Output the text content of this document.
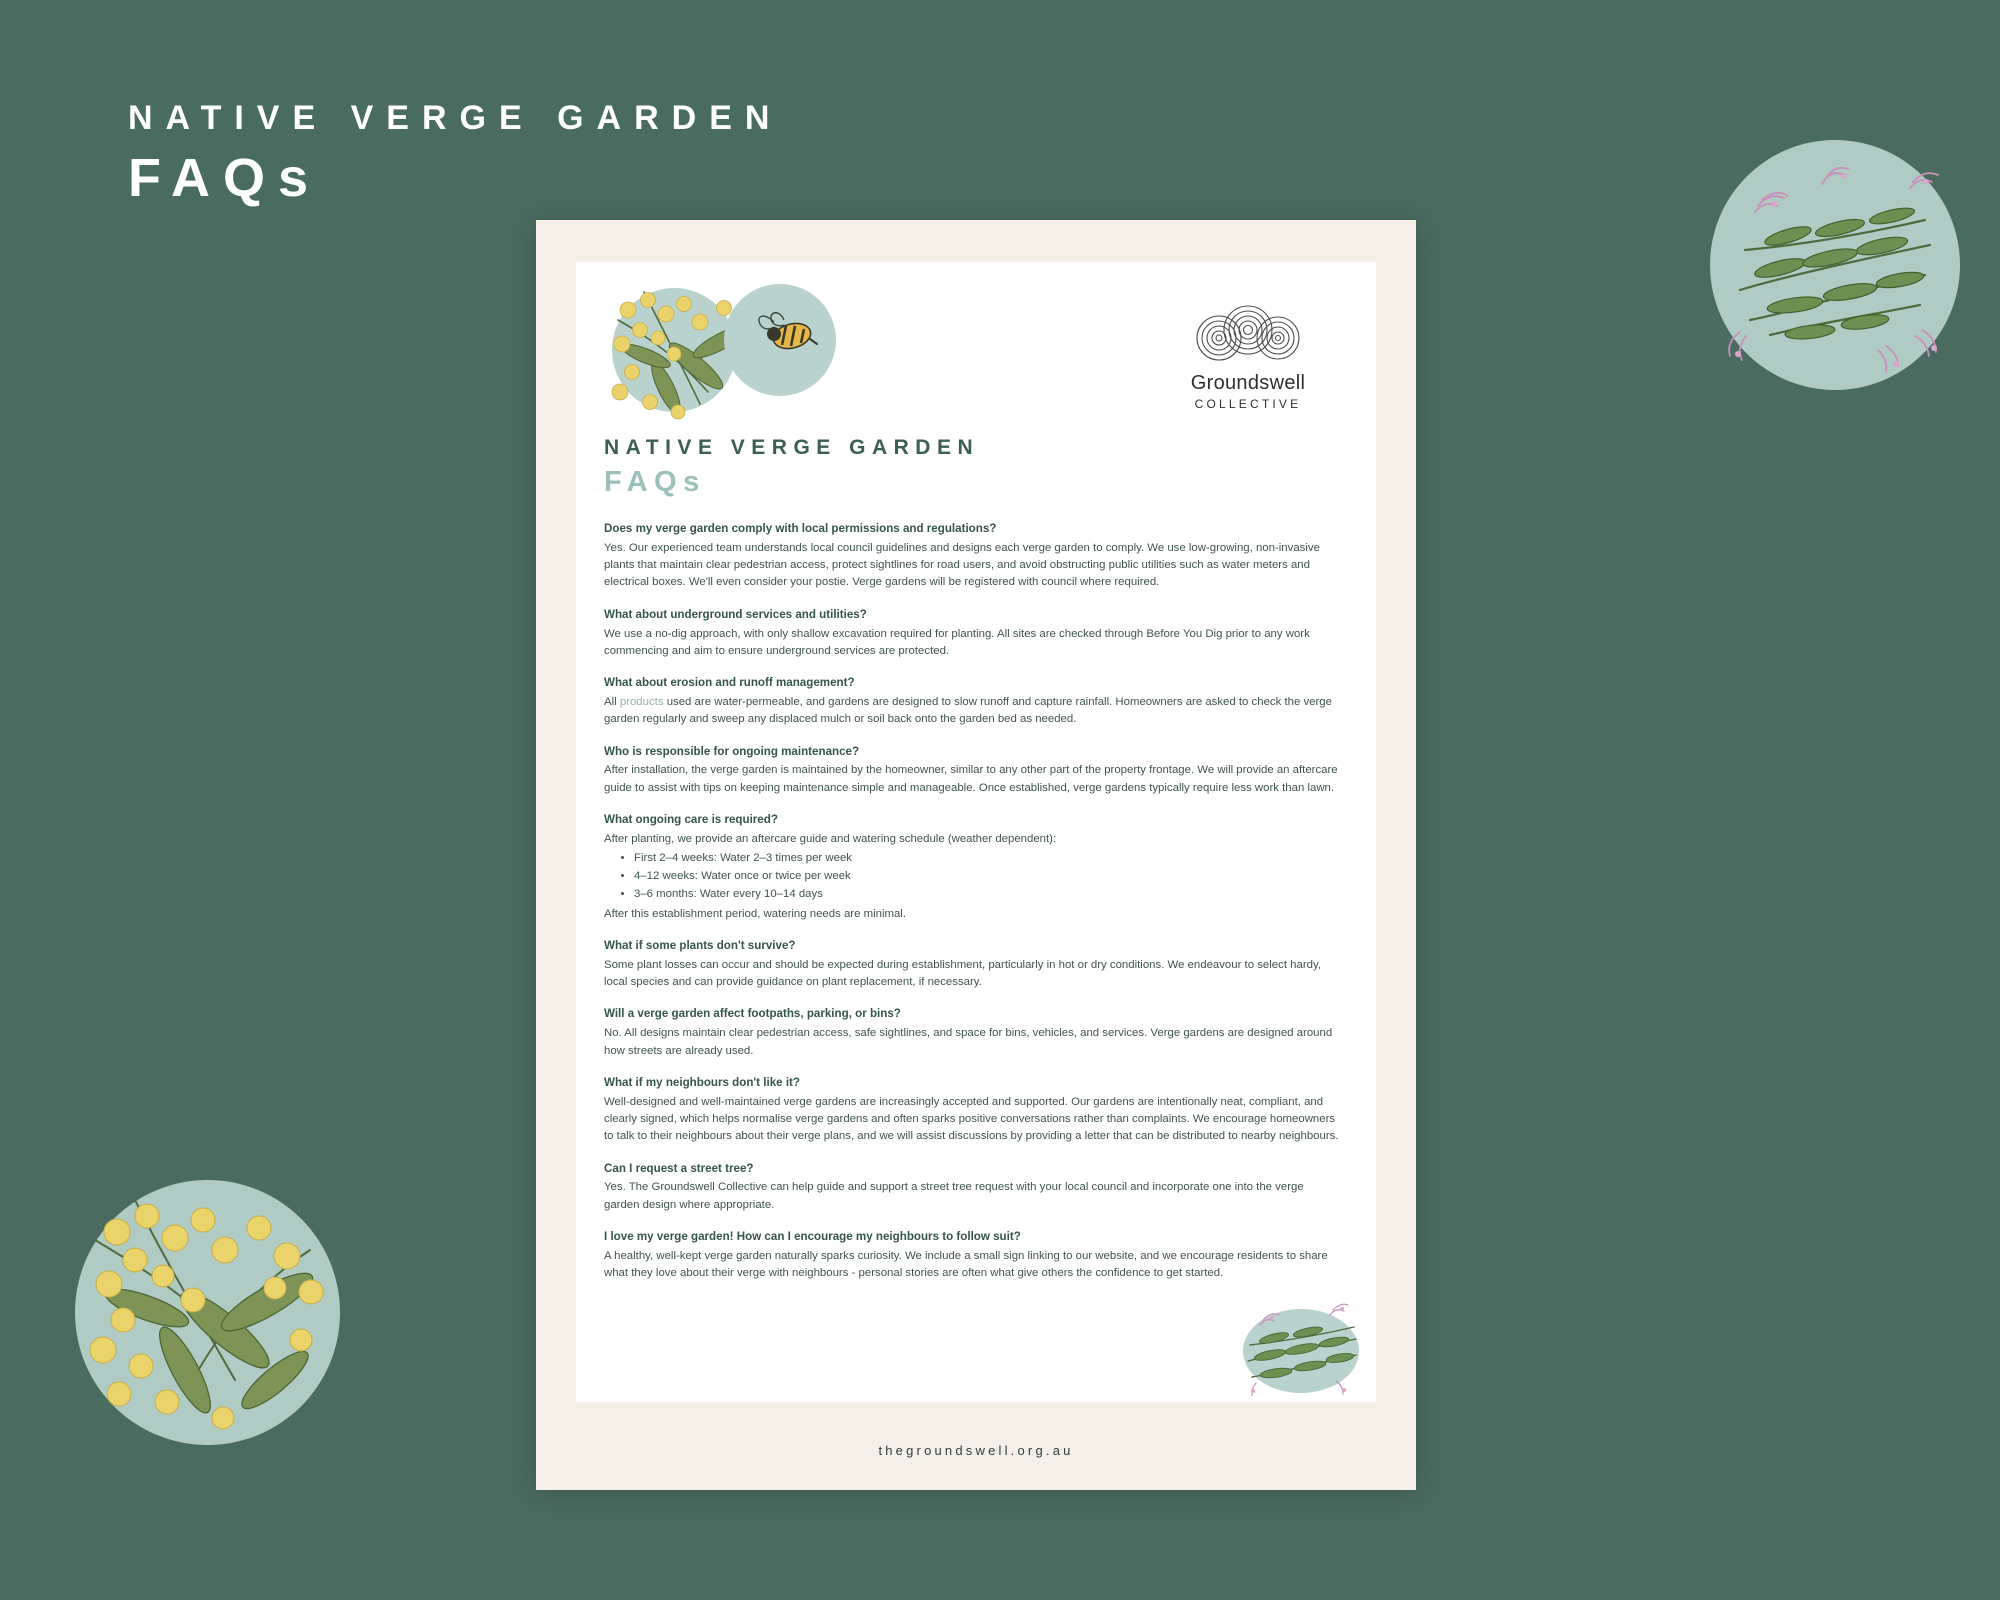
NATIVE VERGE GARDEN
FAQs
Groundswell
COLLECTIVE
NATIVE VERGE GARDEN
FAQs
Does my verge garden comply with local permissions and regulations?
Yes. Our experienced team understands local council guidelines and designs each verge garden to comply. We use low-growing, non-invasive plants that maintain clear pedestrian access, protect sightlines for road users, and avoid obstructing public utilities such as water meters and electrical boxes. We'll even consider your postie. Verge gardens will be registered with council where required.
What about underground services and utilities?
We use a no-dig approach, with only shallow excavation required for planting. All sites are checked through Before You Dig prior to any work commencing and aim to ensure underground services are protected.
What about erosion and runoff management?
All products used are water-permeable, and gardens are designed to slow runoff and capture rainfall. Homeowners are asked to check the verge garden regularly and sweep any displaced mulch or soil back onto the garden bed as needed.
Who is responsible for ongoing maintenance?
After installation, the verge garden is maintained by the homeowner, similar to any other part of the property frontage. We will provide an aftercare guide to assist with tips on keeping maintenance simple and manageable. Once established, verge gardens typically require less work than lawn.
What ongoing care is required?
After planting, we provide an aftercare guide and watering schedule (weather dependent):
• First 2–4 weeks: Water 2–3 times per week
• 4–12 weeks: Water once or twice per week
• 3–6 months: Water every 10–14 days
After this establishment period, watering needs are minimal.
What if some plants don't survive?
Some plant losses can occur and should be expected during establishment, particularly in hot or dry conditions. We endeavour to select hardy, local species and can provide guidance on plant replacement, if necessary.
Will a verge garden affect footpaths, parking, or bins?
No. All designs maintain clear pedestrian access, safe sightlines, and space for bins, vehicles, and services. Verge gardens are designed around how streets are already used.
What if my neighbours don't like it?
Well-designed and well-maintained verge gardens are increasingly accepted and supported. Our gardens are intentionally neat, compliant, and clearly signed, which helps normalise verge gardens and often sparks positive conversations rather than complaints. We encourage homeowners to talk to their neighbours about their verge plans, and we will assist discussions by providing a letter that can be distributed to nearby neighbours.
Can I request a street tree?
Yes. The Groundswell Collective can help guide and support a street tree request with your local council and incorporate one into the verge garden design where appropriate.
I love my verge garden! How can I encourage my neighbours to follow suit?
A healthy, well-kept verge garden naturally sparks curiosity. We include a small sign linking to our website, and we encourage residents to share what they love about their verge with neighbours - personal stories are often what give others the confidence to get started.
thegroundswell.org.au
